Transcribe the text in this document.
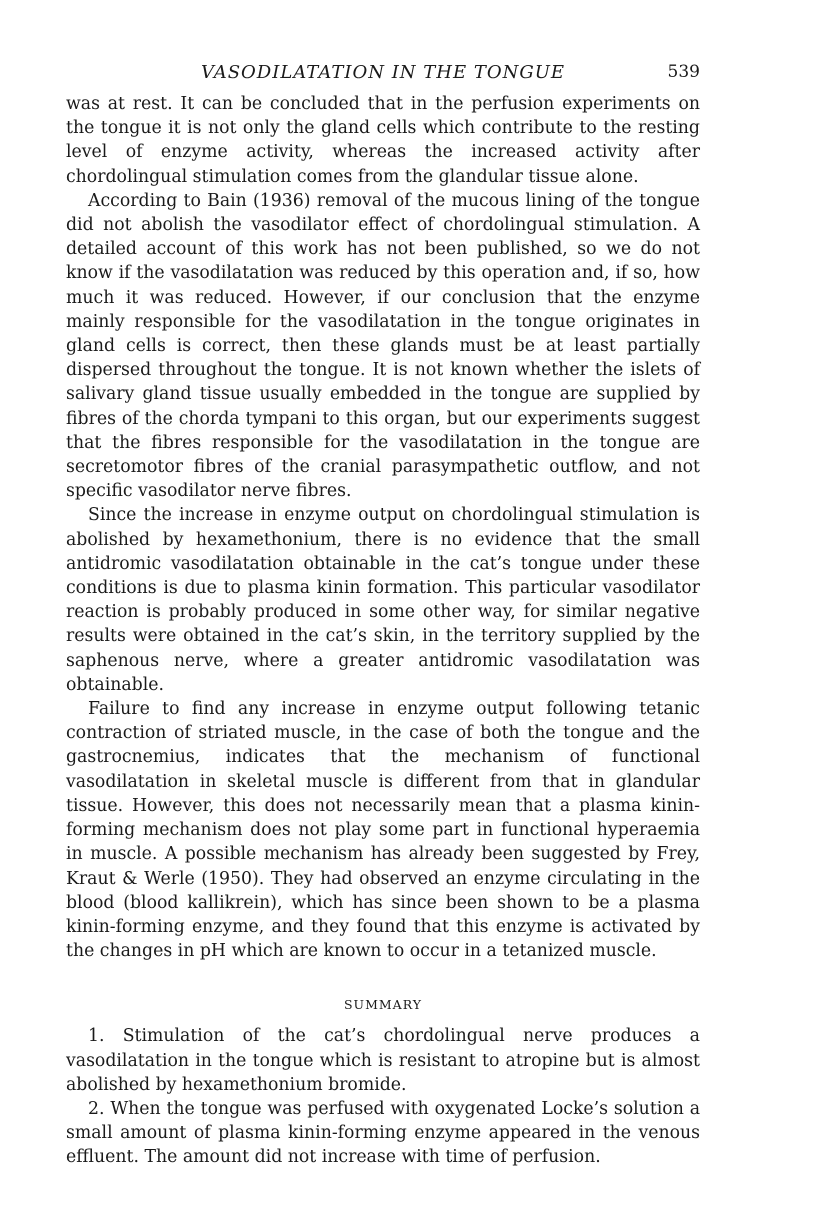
VASODILATATION IN THE TONGUE	539

was at rest. It can be concluded that in the perfusion experiments on the tongue it is not only the gland cells which contribute to the resting level of enzyme activity, whereas the increased activity after chordolingual stimulation comes from the glandular tissue alone.

According to Bain (1936) removal of the mucous lining of the tongue did not abolish the vasodilator effect of chordolingual stimulation. A detailed account of this work has not been published, so we do not know if the vasodilatation was reduced by this operation and, if so, how much it was reduced. However, if our conclusion that the enzyme mainly responsible for the vasodilatation in the tongue originates in gland cells is correct, then these glands must be at least partially dispersed throughout the tongue. It is not known whether the islets of salivary gland tissue usually embedded in the tongue are supplied by fibres of the chorda tympani to this organ, but our experiments suggest that the fibres responsible for the vasodilatation in the tongue are secretomotor fibres of the cranial parasympathetic outflow, and not specific vasodilator nerve fibres.

Since the increase in enzyme output on chordolingual stimulation is abolished by hexamethonium, there is no evidence that the small antidromic vasodilatation obtainable in the cat’s tongue under these conditions is due to plasma kinin formation. This particular vasodilator reaction is probably produced in some other way, for similar negative results were obtained in the cat’s skin, in the territory supplied by the saphenous nerve, where a greater antidromic vasodilatation was obtainable.

Failure to find any increase in enzyme output following tetanic contraction of striated muscle, in the case of both the tongue and the gastrocnemius, indicates that the mechanism of functional vasodilatation in skeletal muscle is different from that in glandular tissue. However, this does not necessarily mean that a plasma kinin-forming mechanism does not play some part in functional hyperaemia in muscle. A possible mechanism has already been suggested by Frey, Kraut & Werle (1950). They had observed an enzyme circulating in the blood (blood kallikrein), which has since been shown to be a plasma kinin-forming enzyme, and they found that this enzyme is activated by the changes in pH which are known to occur in a tetanized muscle.

SUMMARY

1. Stimulation of the cat’s chordolingual nerve produces a vasodilatation in the tongue which is resistant to atropine but is almost abolished by hexamethonium bromide.

2. When the tongue was perfused with oxygenated Locke’s solution a small amount of plasma kinin-forming enzyme appeared in the venous effluent. The amount did not increase with time of perfusion.
